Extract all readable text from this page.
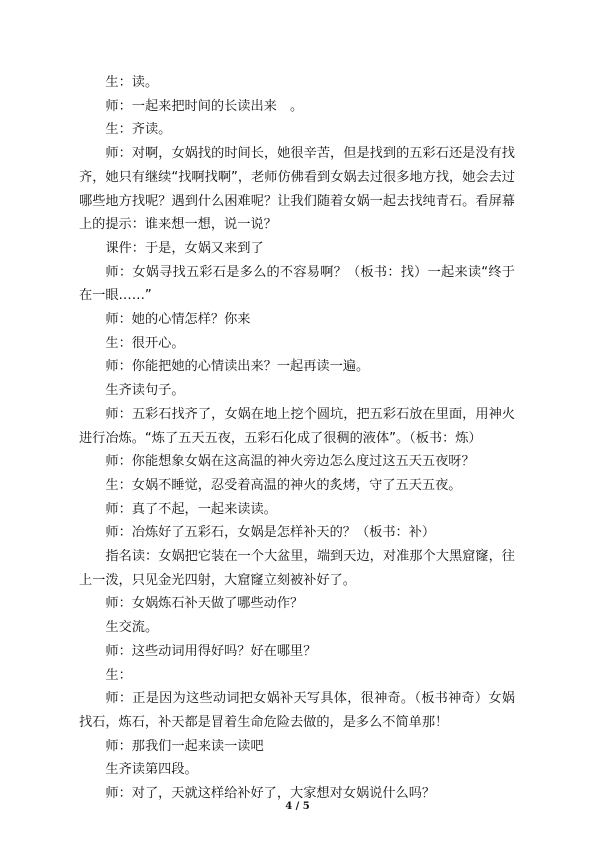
生：读。

师：一起来把时间的长读出来　。

生：齐读。

师：对啊，女娲找的时间长，她很辛苦，但是找到的五彩石还是没有找齐，她只有继续“找啊找啊”，老师仿佛看到女娲去过很多地方找，她会去过哪些地方找呢？遇到什么困难呢？让我们随着女娲一起去找纯青石。看屏幕上的提示：谁来想一想，说一说？

课件：于是，女娲又来到了

师：女娲寻找五彩石是多么的不容易啊？（板书：找）一起来读“终于在一眼……”

师：她的心情怎样？你来

生：很开心。

师：你能把她的心情读出来？一起再读一遍。

生齐读句子。

师：五彩石找齐了，女娲在地上挖个圆坑，把五彩石放在里面，用神火进行冶炼。“炼了五天五夜，五彩石化成了很稠的液体”。（板书：炼）

师：你能想象女娲在这高温的神火旁边怎么度过这五天五夜呀？

生：女娲不睡觉，忍受着高温的神火的炙烤，守了五天五夜。

师：真了不起，一起来读读。

师：冶炼好了五彩石，女娲是怎样补天的？（板书：补）

指名读：女娲把它装在一个大盆里，端到天边，对准那个大黑窟窿，往上一泼，只见金光四射，大窟窿立刻被补好了。

师：女娲炼石补天做了哪些动作？

生交流。

师：这些动词用得好吗？好在哪里？

生：

师：正是因为这些动词把女娲补天写具体，很神奇。（板书神奇）女娲找石，炼石，补天都是冒着生命危险去做的，是多么不简单那！

师：那我们一起来读一读吧

生齐读第四段。

师：对了，天就这样给补好了，大家想对女娲说什么吗？

4 / 5
